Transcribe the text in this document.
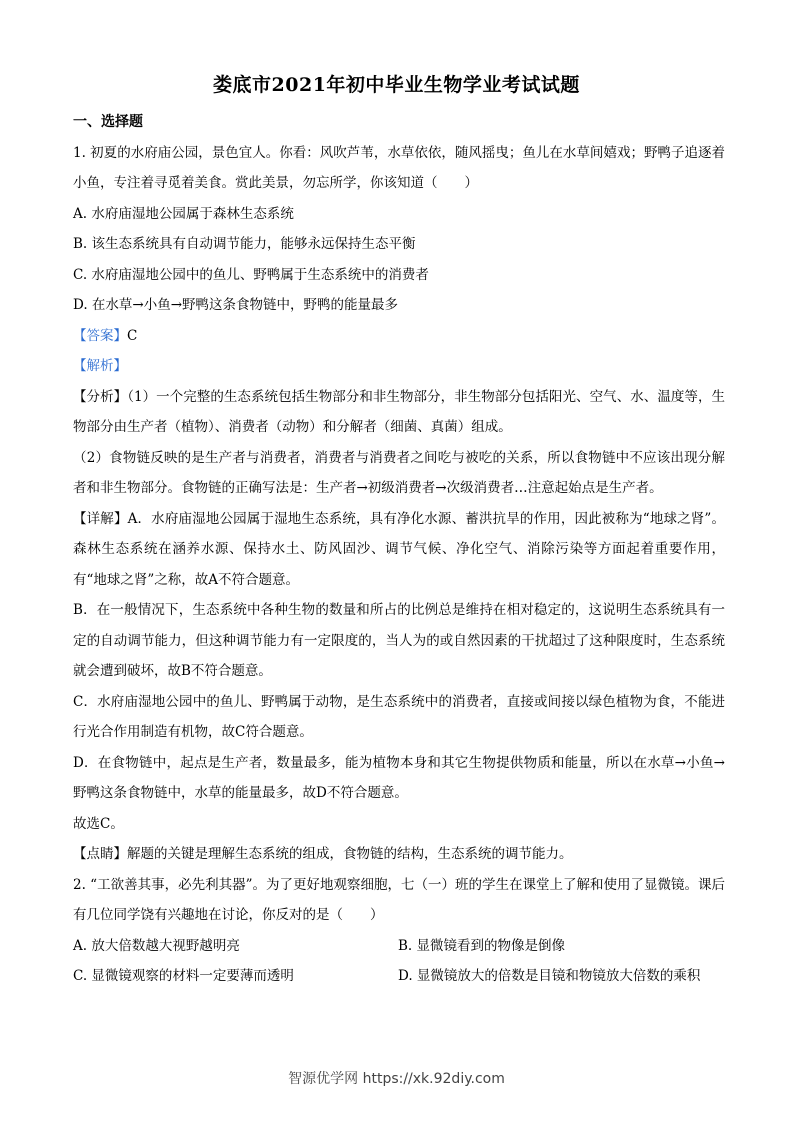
娄底市2021年初中毕业生物学业考试试题

一、选择题

1. 初夏的水府庙公园，景色宜人。你看：风吹芦苇，水草依依，随风摇曳；鱼儿在水草间嬉戏；野鸭子追逐着小鱼，专注着寻觅着美食。赏此美景，勿忘所学，你该知道（　　）

A. 水府庙湿地公园属于森林生态系统

B. 该生态系统具有自动调节能力，能够永远保持生态平衡

C. 水府庙湿地公园中的鱼儿、野鸭属于生态系统中的消费者

D. 在水草→小鱼→野鸭这条食物链中，野鸭的能量最多

【答案】C

【解析】

【分析】（1）一个完整的生态系统包括生物部分和非生物部分，非生物部分包括阳光、空气、水、温度等，生物部分由生产者（植物）、消费者（动物）和分解者（细菌、真菌）组成。

（2）食物链反映的是生产者与消费者，消费者与消费者之间吃与被吃的关系，所以食物链中不应该出现分解者和非生物部分。食物链的正确写法是：生产者→初级消费者→次级消费者…注意起始点是生产者。

【详解】A．水府庙湿地公园属于湿地生态系统，具有净化水源、蓄洪抗旱的作用，因此被称为“地球之肾”。森林生态系统在涵养水源、保持水土、防风固沙、调节气候、净化空气、消除污染等方面起着重要作用，有“地球之肾”之称，故A不符合题意。

B．在一般情况下，生态系统中各种生物的数量和所占的比例总是维持在相对稳定的，这说明生态系统具有一定的自动调节能力，但这种调节能力有一定限度的，当人为的或自然因素的干扰超过了这种限度时，生态系统就会遭到破坏，故B不符合题意。

C．水府庙湿地公园中的鱼儿、野鸭属于动物，是生态系统中的消费者，直接或间接以绿色植物为食，不能进行光合作用制造有机物，故C符合题意。

D．在食物链中，起点是生产者，数量最多，能为植物本身和其它生物提供物质和能量，所以在水草→小鱼→野鸭这条食物链中，水草的能量最多，故D不符合题意。

故选C。

【点睛】解题的关键是理解生态系统的组成，食物链的结构，生态系统的调节能力。

2. “工欲善其事，必先利其器”。为了更好地观察细胞，七（一）班的学生在课堂上了解和使用了显微镜。课后有几位同学饶有兴趣地在讨论，你反对的是（　　）

A. 放大倍数越大视野越明亮	B. 显微镜看到的物像是倒像
C. 显微镜观察的材料一定要薄而透明	D. 显微镜放大的倍数是目镜和物镜放大倍数的乘积
智源优学网 https://xk.92diy.com
